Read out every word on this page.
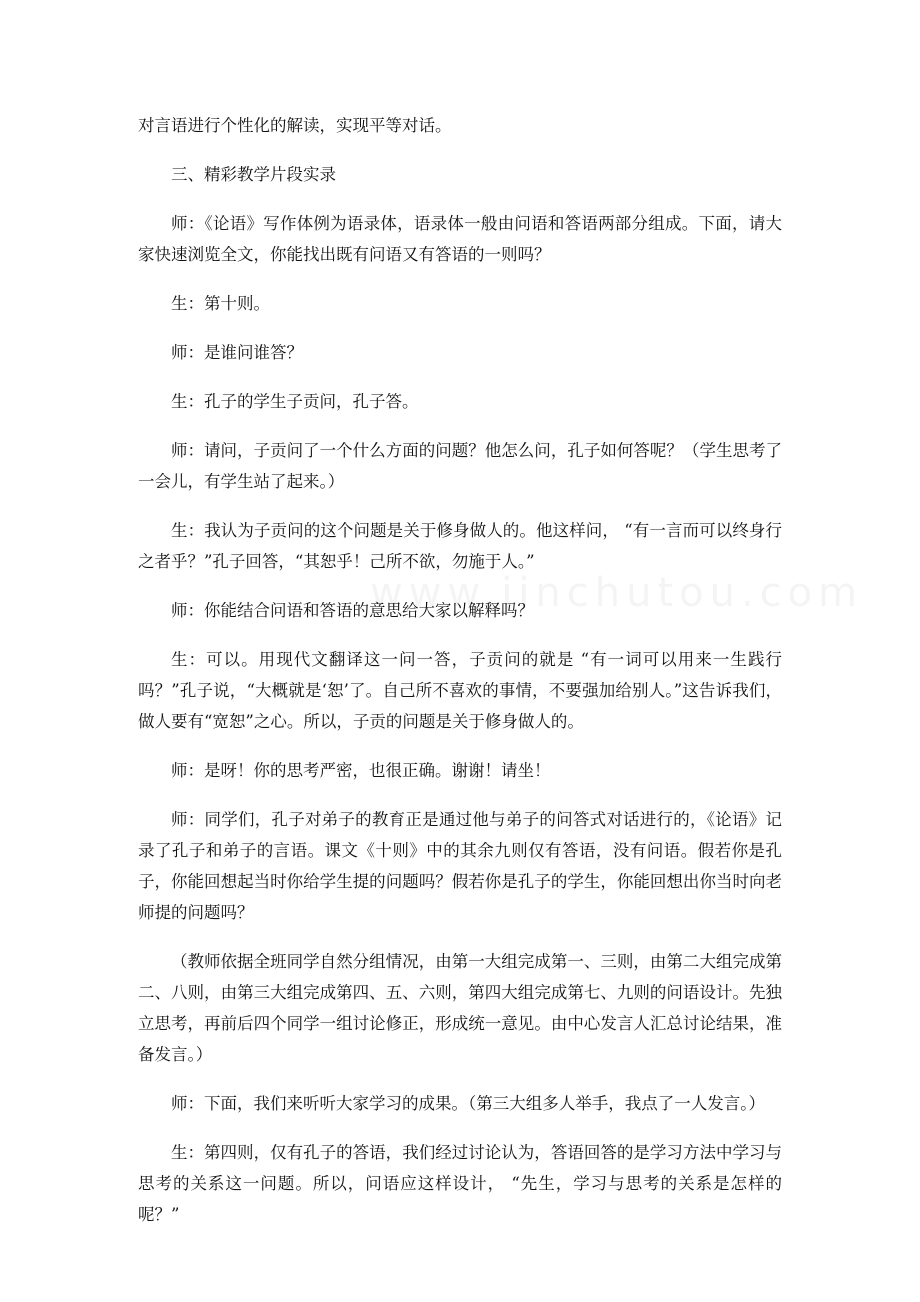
对言语进行个性化的解读，实现平等对话。

三、精彩教学片段实录

师：《论语》写作体例为语录体，语录体一般由问语和答语两部分组成。下面，请大家快速浏览全文，你能找出既有问语又有答语的一则吗？

生：第十则。

师：是谁问谁答？

生：孔子的学生子贡问，孔子答。

师：请问，子贡问了一个什么方面的问题？他怎么问，孔子如何答呢？（学生思考了一会儿，有学生站了起来。）

生：我认为子贡问的这个问题是关于修身做人的。他这样问， “有一言而可以终身行之者乎？”孔子回答，“其恕乎！己所不欲，勿施于人。”

师：你能结合问语和答语的意思给大家以解释吗？

生：可以。用现代文翻译这一问一答，子贡问的就是 “有一词可以用来一生践行吗？”孔子说，“大概就是‘恕’了。自己所不喜欢的事情，不要强加给别人。”这告诉我们，做人要有“宽恕”之心。所以，子贡的问题是关于修身做人的。

师：是呀！你的思考严密，也很正确。谢谢！请坐！

师：同学们，孔子对弟子的教育正是通过他与弟子的问答式对话进行的，《论语》记录了孔子和弟子的言语。课文《十则》中的其余九则仅有答语，没有问语。假若你是孔子，你能回想起当时你给学生提的问题吗？假若你是孔子的学生，你能回想出你当时向老师提的问题吗？

（教师依据全班同学自然分组情况，由第一大组完成第一、三则，由第二大组完成第二、八则，由第三大组完成第四、五、六则，第四大组完成第七、九则的问语设计。先独立思考，再前后四个同学一组讨论修正，形成统一意见。由中心发言人汇总讨论结果，准备发言。）

师：下面，我们来听听大家学习的成果。（第三大组多人举手，我点了一人发言。）

生：第四则，仅有孔子的答语，我们经过讨论认为，答语回答的是学习方法中学习与思考的关系这一问题。所以，问语应这样设计， “先生，学习与思考的关系是怎样的呢？”
